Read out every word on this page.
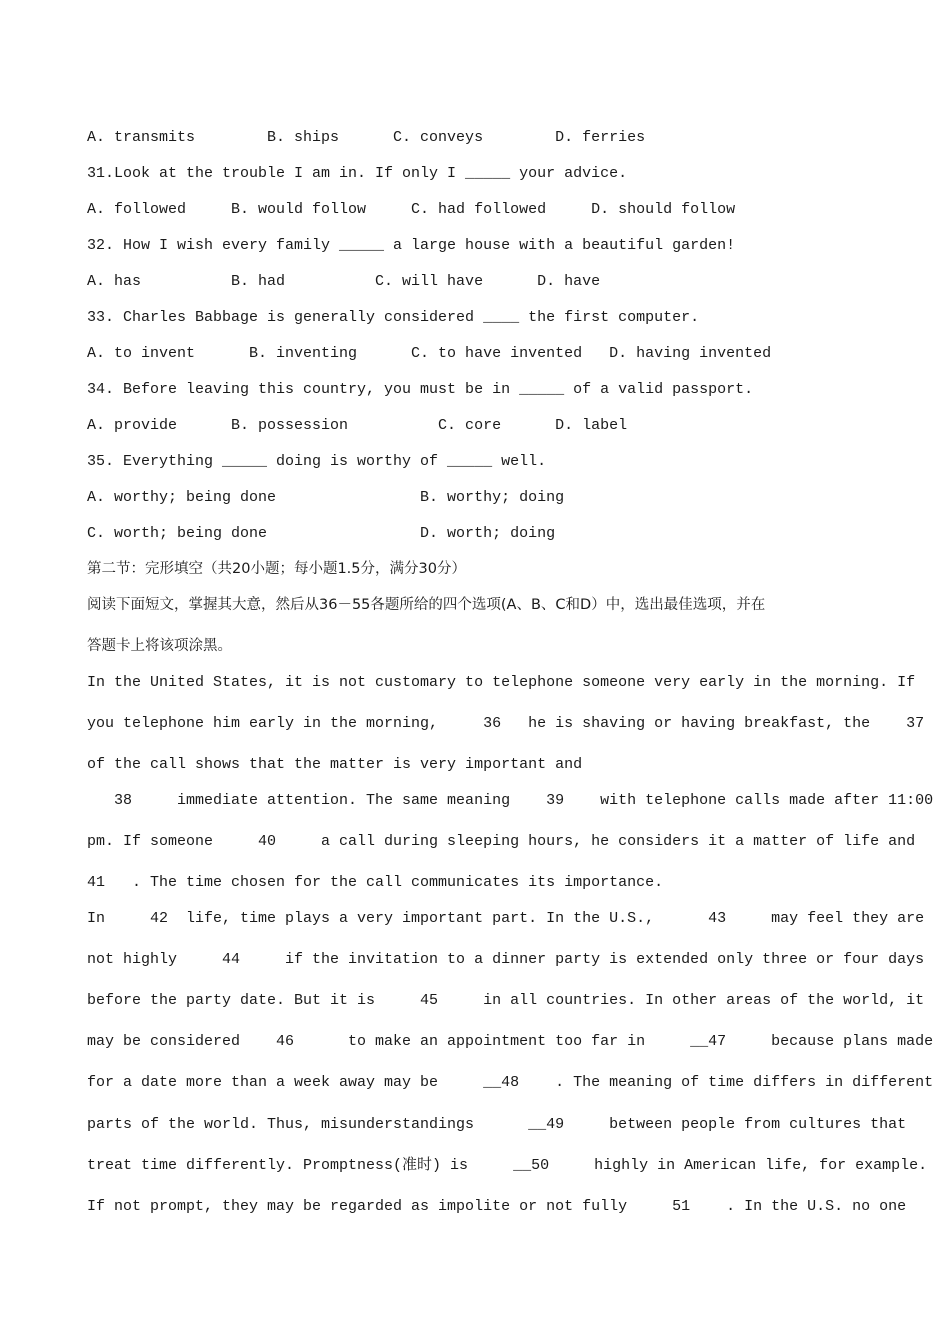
A. transmits        B. ships      C. conveys        D. ferries
31.Look at the trouble I am in. If only I _____ your advice.
A. followed     B. would follow     C. had followed     D. should follow
32. How I wish every family _____ a large house with a beautiful garden!
A. has          B. had          C. will have      D. have
33. Charles Babbage is generally considered ____ the first computer.
A. to invent      B. inventing      C. to have invented   D. having invented
34. Before leaving this country, you must be in _____ of a valid passport.
A. provide      B. possession          C. core      D. label
35. Everything _____ doing is worthy of _____ well.
A. worthy; being done                B. worthy; doing
C. worth; being done                 D. worth; doing
第二节：完形填空（共20小题；每小题1.5分，满分30分）
阅读下面短文，掌握其大意，然后从36－55各题所给的四个选项(A、B、C和D）中，选出最佳选项，并在
答题卡上将该项涂黑。
In the United States, it is not customary to telephone someone very early in the morning. If
you telephone him early in the morning,     36   he is shaving or having breakfast, the    37
of the call shows that the matter is very important and
38     immediate attention. The same meaning    39    with telephone calls made after 11:00
pm. If someone     40     a call during sleeping hours, he considers it a matter of life and
41   . The time chosen for the call communicates its importance.
In     42  life, time plays a very important part. In the U.S.,      43     may feel they are
not highly     44     if the invitation to a dinner party is extended only three or four days
before the party date. But it is     45     in all countries. In other areas of the world, it
may be considered    46      to make an appointment too far in     __47     because plans made
for a date more than a week away may be     __48    . The meaning of time differs in different
parts of the world. Thus, misunderstandings      __49     between people from cultures that
treat time differently. Promptness(准时) is     __50     highly in American life, for example.
If not prompt, they may be regarded as impolite or not fully     51    . In the U.S. no one
